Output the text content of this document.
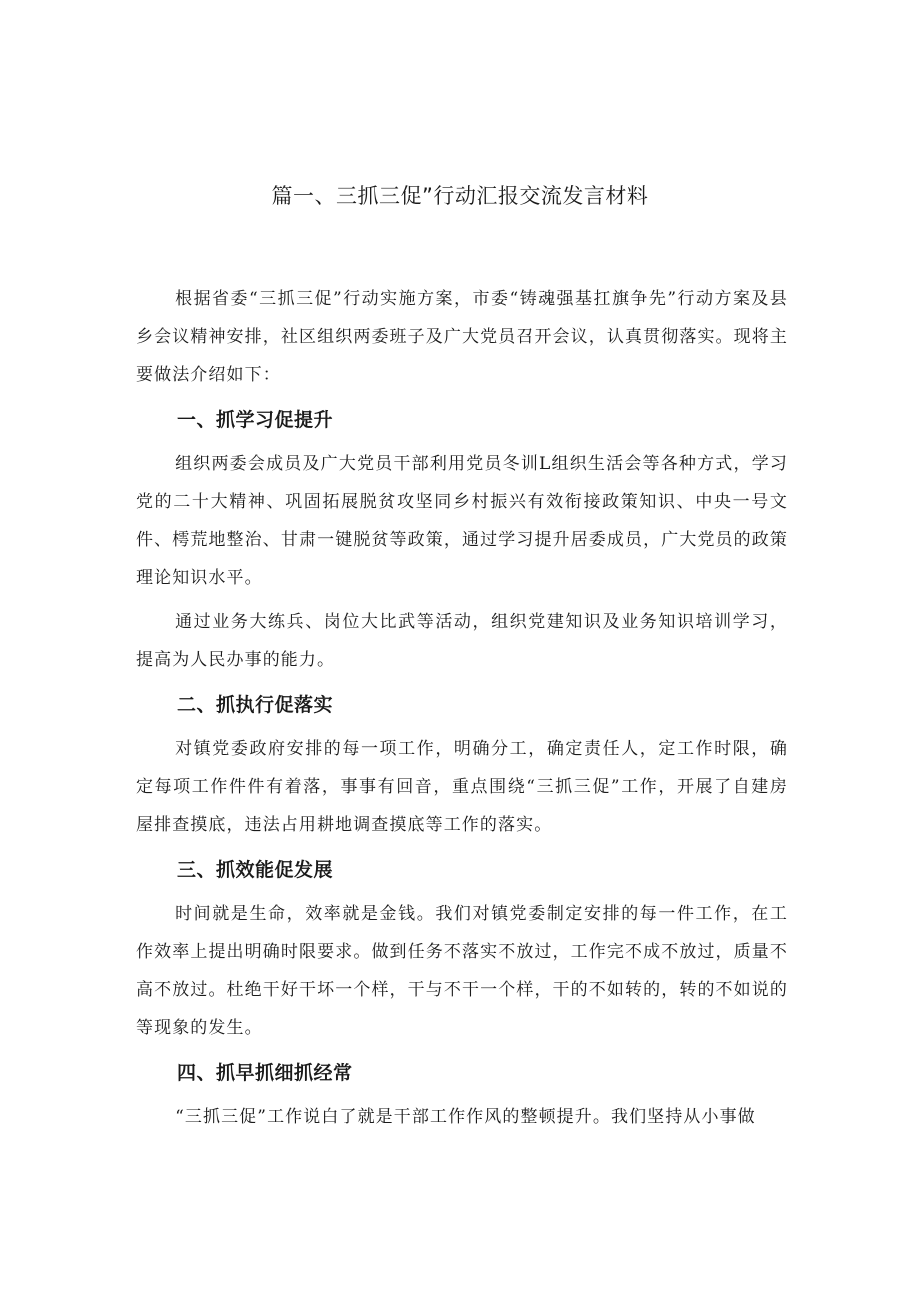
篇一、三抓三促”行动汇报交流发言材料

根据省委“三抓三促”行动实施方案，市委“铸魂强基扛旗争先”行动方案及县乡会议精神安排，社区组织两委班子及广大党员召开会议，认真贯彻落实。现将主要做法介绍如下：

一、抓学习促提升

组织两委会成员及广大党员干部利用党员冬训L组织生活会等各种方式，学习党的二十大精神、巩固拓展脱贫攻坚同乡村振兴有效衔接政策知识、中央一号文件、樗荒地整治、甘肃一键脱贫等政策，通过学习提升居委成员，广大党员的政策理论知识水平。

通过业务大练兵、岗位大比武等活动，组织党建知识及业务知识培训学习，提高为人民办事的能力。

二、抓执行促落实

对镇党委政府安排的每一项工作，明确分工，确定责任人，定工作时限，确定每项工作件件有着落，事事有回音，重点围绕“三抓三促”工作，开展了自建房屋排查摸底，违法占用耕地调查摸底等工作的落实。

三、抓效能促发展

时间就是生命，效率就是金钱。我们对镇党委制定安排的每一件工作，在工作效率上提出明确时限要求。做到任务不落实不放过，工作完不成不放过，质量不高不放过。杜绝干好干坏一个样，干与不干一个样，干的不如转的，转的不如说的等现象的发生。

四、抓早抓细抓经常

“三抓三促”工作说白了就是干部工作作风的整顿提升。我们坚持从小事做
